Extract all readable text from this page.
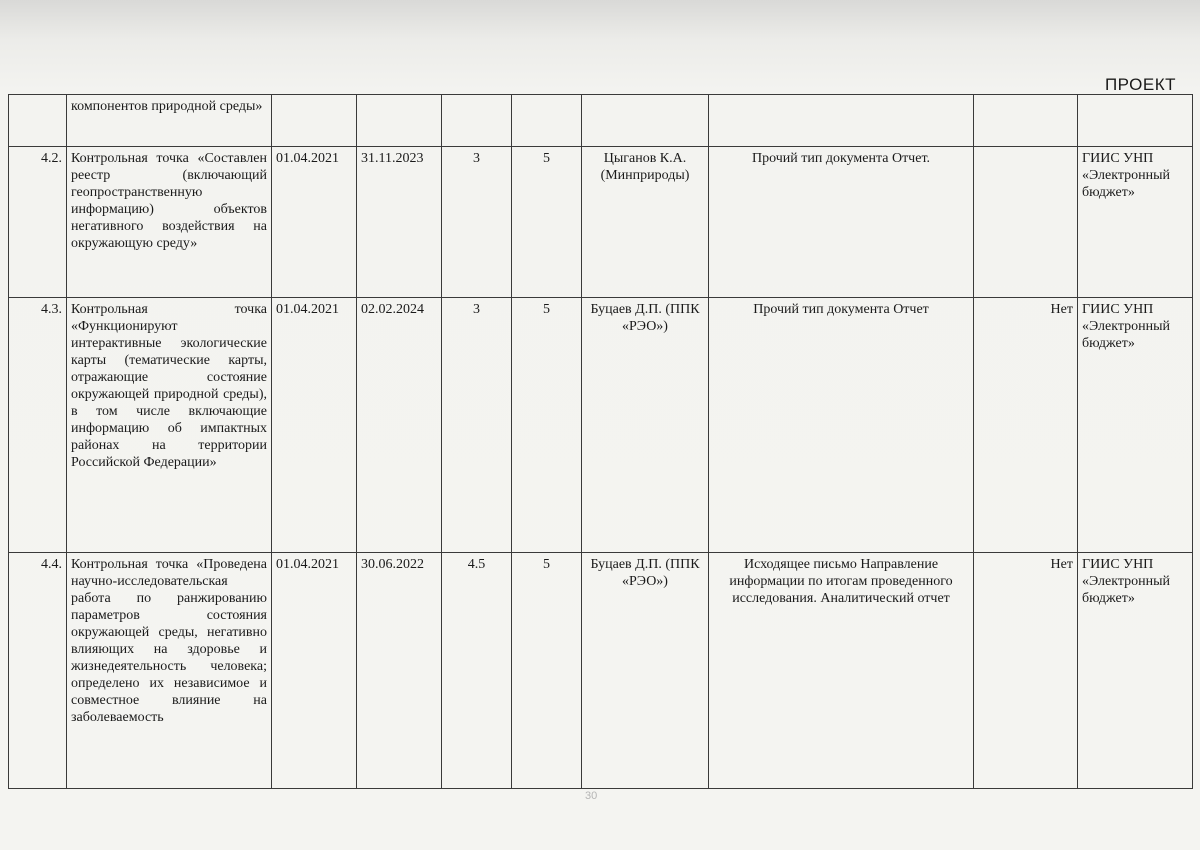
ПРОЕКТ
	компонентов природной среды»								
4.2.	Контрольная точка «Составлен реестр (включающий геопространственную информацию) объектов негативного воздействия на окружающую среду»	01.04.2021	31.11.2023	3	5	Цыганов К.А. (Минприроды)	Прочий тип документа Отчет.		ГИИС УНП «Электронный бюджет»
4.3.	Контрольная точка «Функционируют интерактивные экологические карты (тематические карты, отражающие состояние окружающей природной среды), в том числе включающие информацию об импактных районах на территории Российской Федерации»	01.04.2021	02.02.2024	3	5	Буцаев Д.П. (ППК «РЭО»)	Прочий тип документа Отчет	Нет	ГИИС УНП «Электронный бюджет»
4.4.	Контрольная точка «Проведена научно-исследовательская работа по ранжированию параметров состояния окружающей среды, негативно влияющих на здоровье и жизнедеятельность человека; определено их независимое и совместное влияние на заболеваемость	01.04.2021	30.06.2022	4.5	5	Буцаев Д.П. (ППК «РЭО»)	Исходящее письмо Направление информации по итогам проведенного исследования. Аналитический отчет	Нет	ГИИС УНП «Электронный бюджет»
30
